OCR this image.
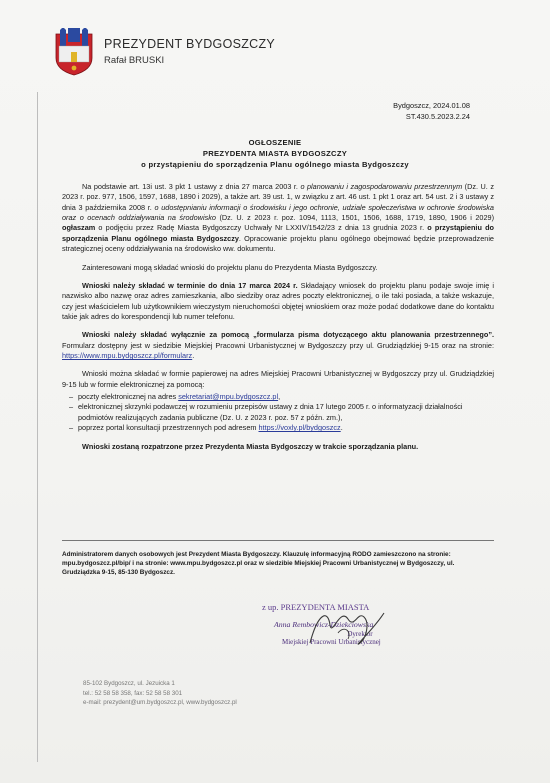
PREZYDENT BYDGOSZCZY
Rafał BRUSKI
Bydgoszcz, 2024.01.08
ST.430.5.2023.2.24
OGŁOSZENIE
PREZYDENTA MIASTA BYDGOSZCZY
o przystąpieniu do sporządzenia Planu ogólnego miasta Bydgoszczy

Na podstawie art. 13i ust. 3 pkt 1 ustawy z dnia 27 marca 2003 r. o planowaniu i zagospodarowaniu przestrzennym (Dz. U. z 2023 r. poz. 977, 1506, 1597, 1688, 1890 i 2029), a także art. 39 ust. 1, w związku z art. 46 ust. 1 pkt 1 oraz art. 54 ust. 2 i 3 ustawy z dnia 3 października 2008 r. o udostępnianiu informacji o środowisku i jego ochronie, udziale społeczeństwa w ochronie środowiska oraz o ocenach oddziaływania na środowisko (Dz. U. z 2023 r. poz. 1094, 1113, 1501, 1506, 1688, 1719, 1890, 1906 i 2029) ogłaszam o podjęciu przez Radę Miasta Bydgoszczy Uchwały Nr LXXIV/1542/23 z dnia 13 grudnia 2023 r. o przystąpieniu do sporządzenia Planu ogólnego miasta Bydgoszczy. Opracowanie projektu planu ogólnego obejmować będzie przeprowadzenie strategicznej oceny oddziaływania na środowisko ww. dokumentu.

Zainteresowani mogą składać wnioski do projektu planu do Prezydenta Miasta Bydgoszczy.

Wnioski należy składać w terminie do dnia 17 marca 2024 r. Składający wniosek do projektu planu podaje swoje imię i nazwisko albo nazwę oraz adres zamieszkania, albo siedziby oraz adres poczty elektronicznej, o ile taki posiada, a także wskazuje, czy jest właścicielem lub użytkownikiem wieczystym nieruchomości objętej wnioskiem oraz może podać dodatkowe dane do kontaktu takie jak adres do korespondencji lub numer telefonu.

Wnioski należy składać wyłącznie za pomocą „formularza pisma dotyczącego aktu planowania przestrzennego”. Formularz dostępny jest w siedzibie Miejskiej Pracowni Urbanistycznej w Bydgoszczy przy ul. Grudziądzkiej 9-15 oraz na stronie: https://www.mpu.bydgoszcz.pl/formularz.

Wnioski można składać w formie papierowej na adres Miejskiej Pracowni Urbanistycznej w Bydgoszczy przy ul. Grudziądzkiej 9-15 lub w formie elektronicznej za pomocą:

– poczty elektronicznej na adres sekretariat@mpu.bydgoszcz.pl,
– elektronicznej skrzynki podawczej w rozumieniu przepisów ustawy z dnia 17 lutego 2005 r. o informatyzacji działalności podmiotów realizujących zadania publiczne (Dz. U. z 2023 r. poz. 57 z późn. zm.),
– poprzez portal konsultacji przestrzennych pod adresem https://voxly.pl/bydgoszcz.

Wnioski zostaną rozpatrzone przez Prezydenta Miasta Bydgoszczy w trakcie sporządzania planu.

Administratorem danych osobowych jest Prezydent Miasta Bydgoszczy. Klauzulę informacyjną RODO zamieszczono na stronie: mpu.bydgoszcz.pl/bip/ i na stronie: www.mpu.bydgoszcz.pl oraz w siedzibie Miejskiej Pracowni Urbanistycznej w Bydgoszczy, ul. Grudziądzka 9-15, 85-130 Bydgoszcz.
z up. PREZYDENTA MIASTA
Anna Rembowicz-Dziekciowska
Dyrektor
Miejskiej Pracowni Urbanistycznej
85-102 Bydgoszcz, ul. Jezuicka 1
tel.: 52 58 58 358, fax: 52 58 58 301
e-mail: prezydent@um.bydgoszcz.pl, www.bydgoszcz.pl
